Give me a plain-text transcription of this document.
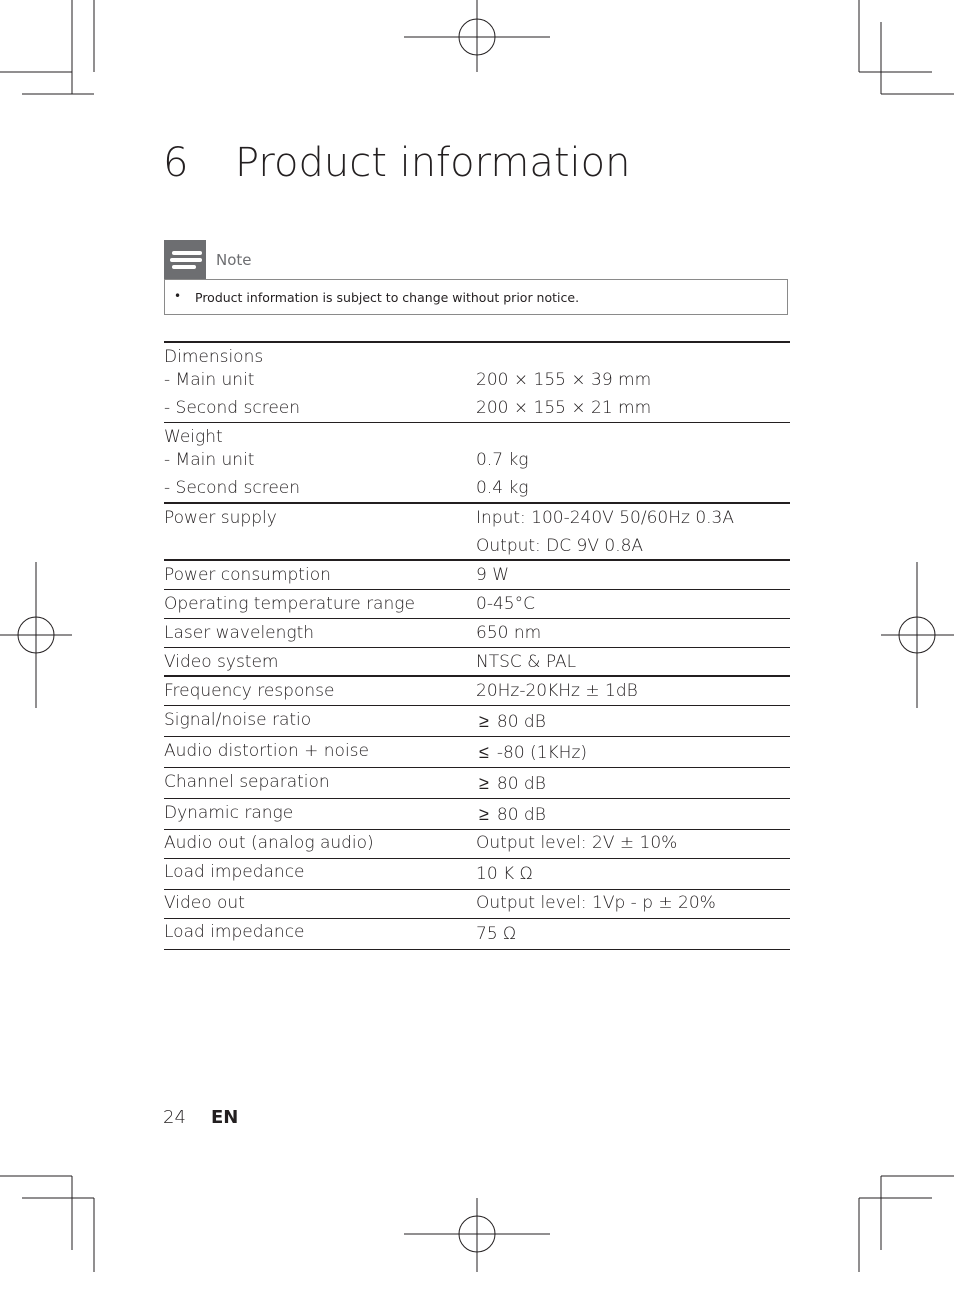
6 Product information
Note
• Product information is subject to change without prior notice.
Dimensions
- Main unit	200 × 155 × 39 mm
- Second screen	200 × 155 × 21 mm
Weight
- Main unit	0.7 kg
- Second screen	0.4 kg
Power supply	Input: 100-240V 50/60Hz 0.3A
Output: DC 9V 0.8A
Power consumption	9 W
Operating temperature range	0-45°C
Laser wavelength	650 nm
Video system	NTSC & PAL
Frequency response	20Hz-20KHz ± 1dB
Signal/noise ratio	≥ 80 dB
Audio distortion + noise	≤ -80 (1KHz)
Channel separation	≥ 80 dB
Dynamic range	≥ 80 dB
Audio out (analog audio)	Output level: 2V ± 10%
Load impedance	10 K Ω
Video out	Output level: 1Vp - p ± 20%
Load impedance	75 Ω
24 EN
